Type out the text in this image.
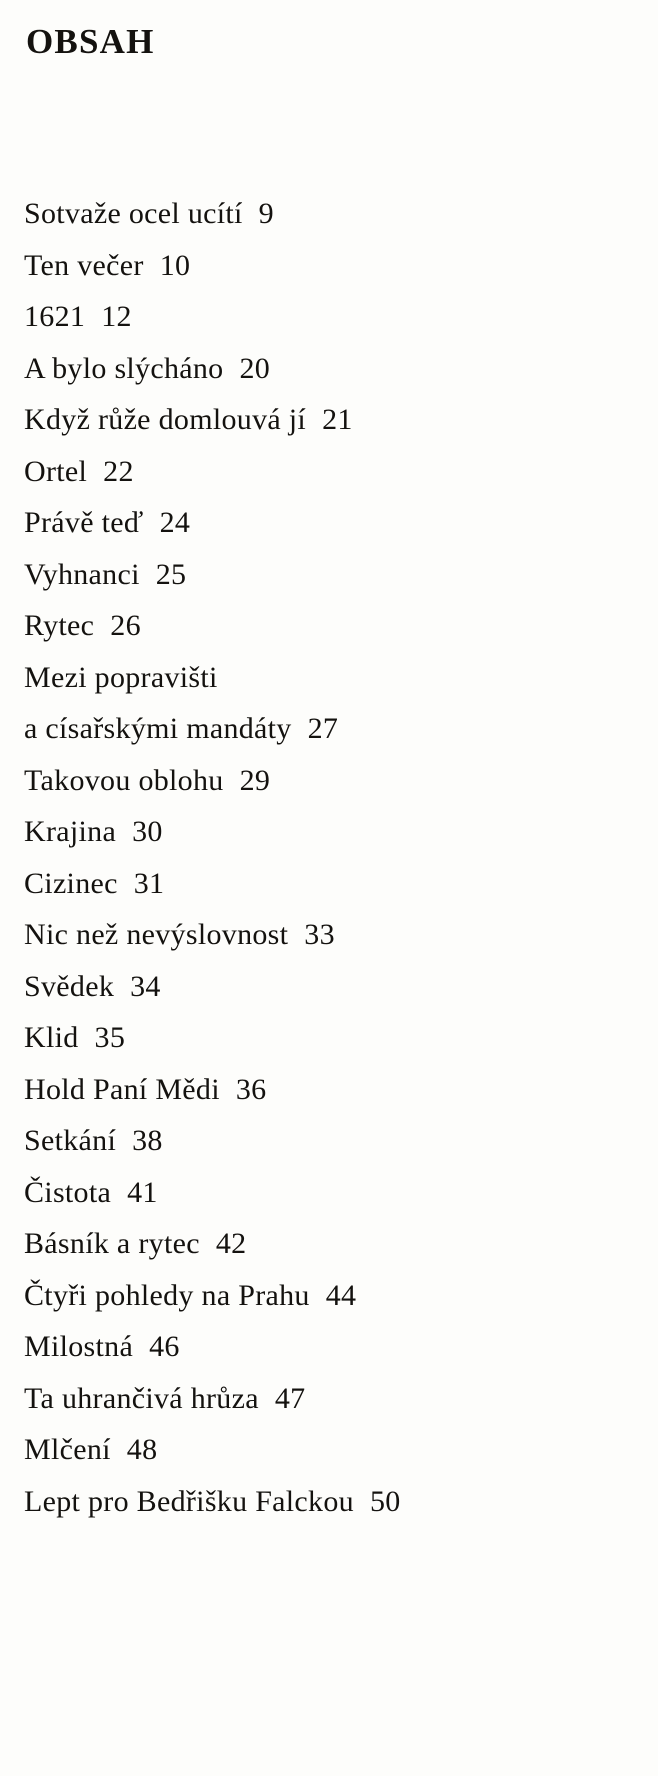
OBSAH
Sotvaže ocel ucítí 9
Ten večer 10
1621 12
A bylo slýcháno 20
Když růže domlouvá jí 21
Ortel 22
Právě teď 24
Vyhnanci 25
Rytec 26
Mezi popravišti
a císařskými mandáty 27
Takovou oblohu 29
Krajina 30
Cizinec 31
Nic než nevýslovnost 33
Svědek 34
Klid 35
Hold Paní Mědi 36
Setkání 38
Čistota 41
Básník a rytec 42
Čtyři pohledy na Prahu 44
Milostná 46
Ta uhrančivá hrůza 47
Mlčení 48
Lept pro Bedřišku Falckou 50
